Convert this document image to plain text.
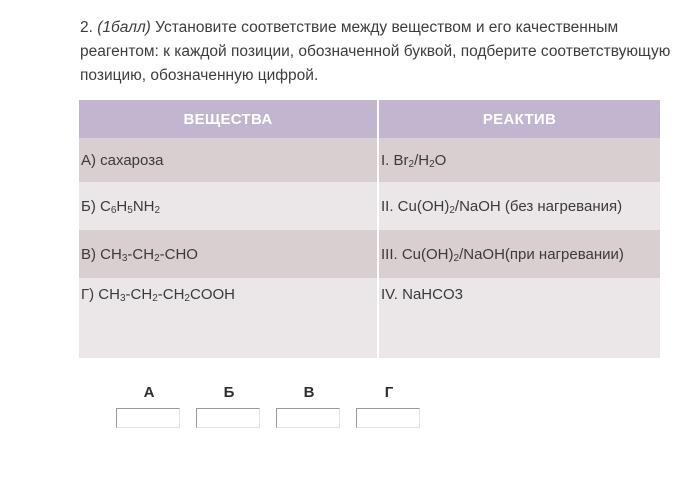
2. (1балл) Установите соответствие между веществом и его качественным реагентом: к каждой позиции, обозначенной буквой, подберите соответствующую позицию, обозначенную цифрой.
ВЕЩЕСТВА	РЕАКТИВ
А) сахароза	I. $Br_2/H_2O$
Б) $C_6H_5NH_2$	II. $Cu(OH)_2$/NaOH (без нагревания)
В) $CH_3-CH_2$-CHO	III. $Cu(OH)_2/NaOH(при$ нагревании)
Г) $CH_3-CH_2-CH_2COOH$	IV. NaHCO3
А	Б	В	Г
